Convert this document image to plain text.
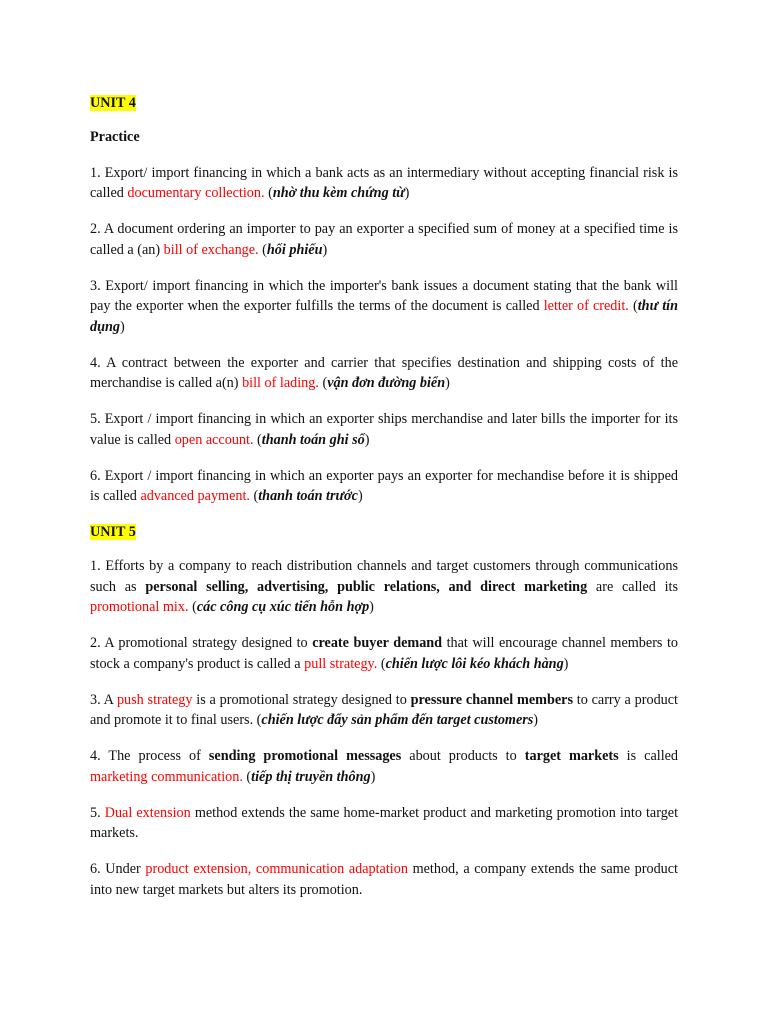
UNIT 4

Practice

1. Export/ import financing in which a bank acts as an intermediary without accepting financial risk is called documentary collection. (nhờ thu kèm chứng từ)

2. A document ordering an importer to pay an exporter a specified sum of money at a specified time is called a (an) bill of exchange. (hối phiếu)

3. Export/ import financing in which the importer's bank issues a document stating that the bank will pay the exporter when the exporter fulfills the terms of the document is called letter of credit. (thư tín dụng)

4. A contract between the exporter and carrier that specifies destination and shipping costs of the merchandise is called a(n) bill of lading. (vận đơn đường biển)

5. Export / import financing in which an exporter ships merchandise and later bills the importer for its value is called open account. (thanh toán ghi sổ)

6. Export / import financing in which an exporter pays an exporter for mechandise before it is shipped is called advanced payment. (thanh toán trước)

UNIT 5

1. Efforts by a company to reach distribution channels and target customers through communications such as personal selling, advertising, public relations, and direct marketing are called its promotional mix. (các công cụ xúc tiến hỗn hợp)

2. A promotional strategy designed to create buyer demand that will encourage channel members to stock a company's product is called a pull strategy. (chiến lược lôi kéo khách hàng)

3. A push strategy is a promotional strategy designed to pressure channel members to carry a product and promote it to final users. (chiến lược đẩy sản phẩm đến target customers)

4. The process of sending promotional messages about products to target markets is called marketing communication. (tiếp thị truyền thông)

5. Dual extension method extends the same home-market product and marketing promotion into target markets.

6. Under product extension, communication adaptation method, a company extends the same product into new target markets but alters its promotion.
